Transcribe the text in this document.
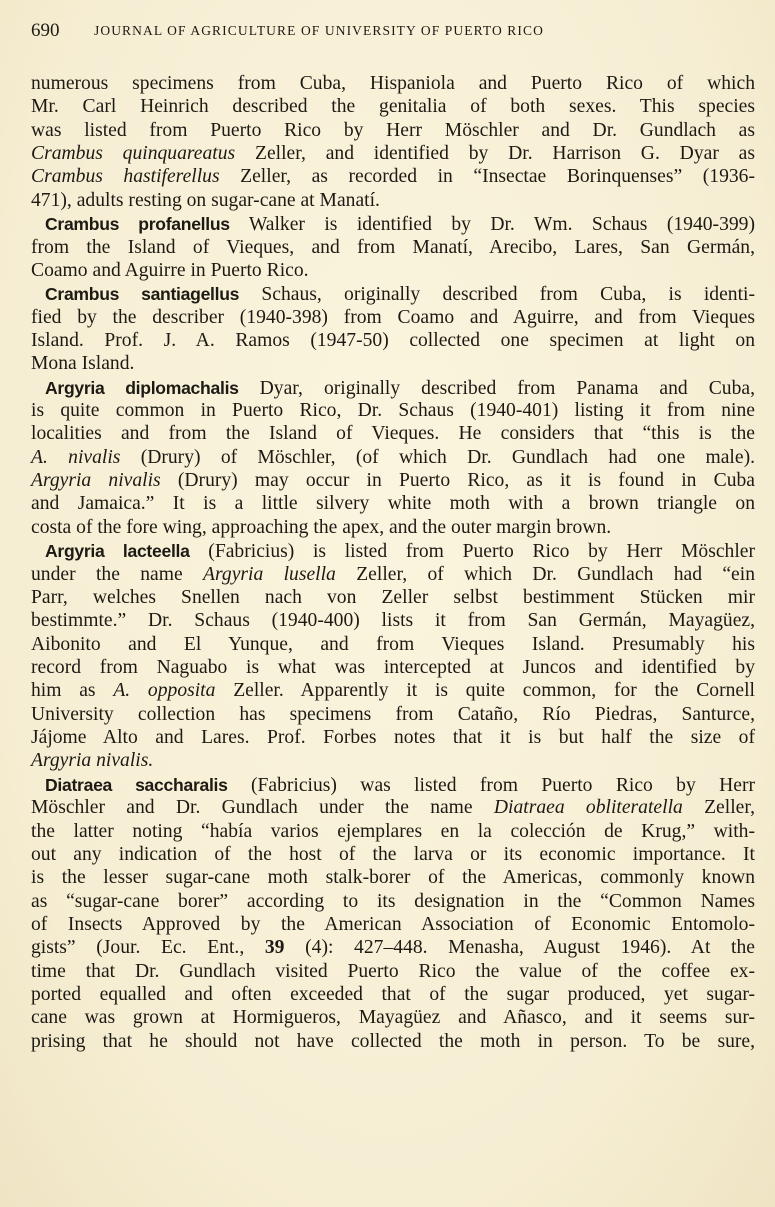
690	JOURNAL OF AGRICULTURE OF UNIVERSITY OF PUERTO RICO
numerous specimens from Cuba, Hispaniola and Puerto Rico of which
Mr. Carl Heinrich described the genitalia of both sexes. This species
was listed from Puerto Rico by Herr Möschler and Dr. Gundlach as
Crambus quinquareatus Zeller, and identified by Dr. Harrison G. Dyar as
Crambus hastiferellus Zeller, as recorded in “Insectae Borinquenses” (1936-
471), adults resting on sugar-cane at Manatí.
Crambus profanellus Walker is identified by Dr. Wm. Schaus (1940-399)
from the Island of Vieques, and from Manatí, Arecibo, Lares, San Germán,
Coamo and Aguirre in Puerto Rico.
Crambus santiagellus Schaus, originally described from Cuba, is identi-
fied by the describer (1940-398) from Coamo and Aguirre, and from Vieques
Island. Prof. J. A. Ramos (1947-50) collected one specimen at light on
Mona Island.
Argyria diplomachalis Dyar, originally described from Panama and Cuba,
is quite common in Puerto Rico, Dr. Schaus (1940-401) listing it from nine
localities and from the Island of Vieques. He considers that “this is the
A. nivalis (Drury) of Möschler, (of which Dr. Gundlach had one male).
Argyria nivalis (Drury) may occur in Puerto Rico, as it is found in Cuba
and Jamaica.” It is a little silvery white moth with a brown triangle on
costa of the fore wing, approaching the apex, and the outer margin brown.
Argyria lacteella (Fabricius) is listed from Puerto Rico by Herr Möschler
under the name Argyria lusella Zeller, of which Dr. Gundlach had “ein
Parr, welches Snellen nach von Zeller selbst bestimment Stücken mir
bestimmte.” Dr. Schaus (1940-400) lists it from San Germán, Mayagüez,
Aibonito and El Yunque, and from Vieques Island. Presumably his
record from Naguabo is what was intercepted at Juncos and identified by
him as A. opposita Zeller. Apparently it is quite common, for the Cornell
University collection has specimens from Cataño, Río Piedras, Santurce,
Jájome Alto and Lares. Prof. Forbes notes that it is but half the size of
Argyria nivalis.
Diatraea saccharalis (Fabricius) was listed from Puerto Rico by Herr
Möschler and Dr. Gundlach under the name Diatraea obliteratella Zeller,
the latter noting “había varios ejemplares en la colección de Krug,” with-
out any indication of the host of the larva or its economic importance. It
is the lesser sugar-cane moth stalk-borer of the Americas, commonly known
as “sugar-cane borer” according to its designation in the “Common Names
of Insects Approved by the American Association of Economic Entomolo-
gists” (Jour. Ec. Ent., 39 (4): 427–448. Menasha, August 1946). At the
time that Dr. Gundlach visited Puerto Rico the value of the coffee ex-
ported equalled and often exceeded that of the sugar produced, yet sugar-
cane was grown at Hormigueros, Mayagüez and Añasco, and it seems sur-
prising that he should not have collected the moth in person. To be sure,
